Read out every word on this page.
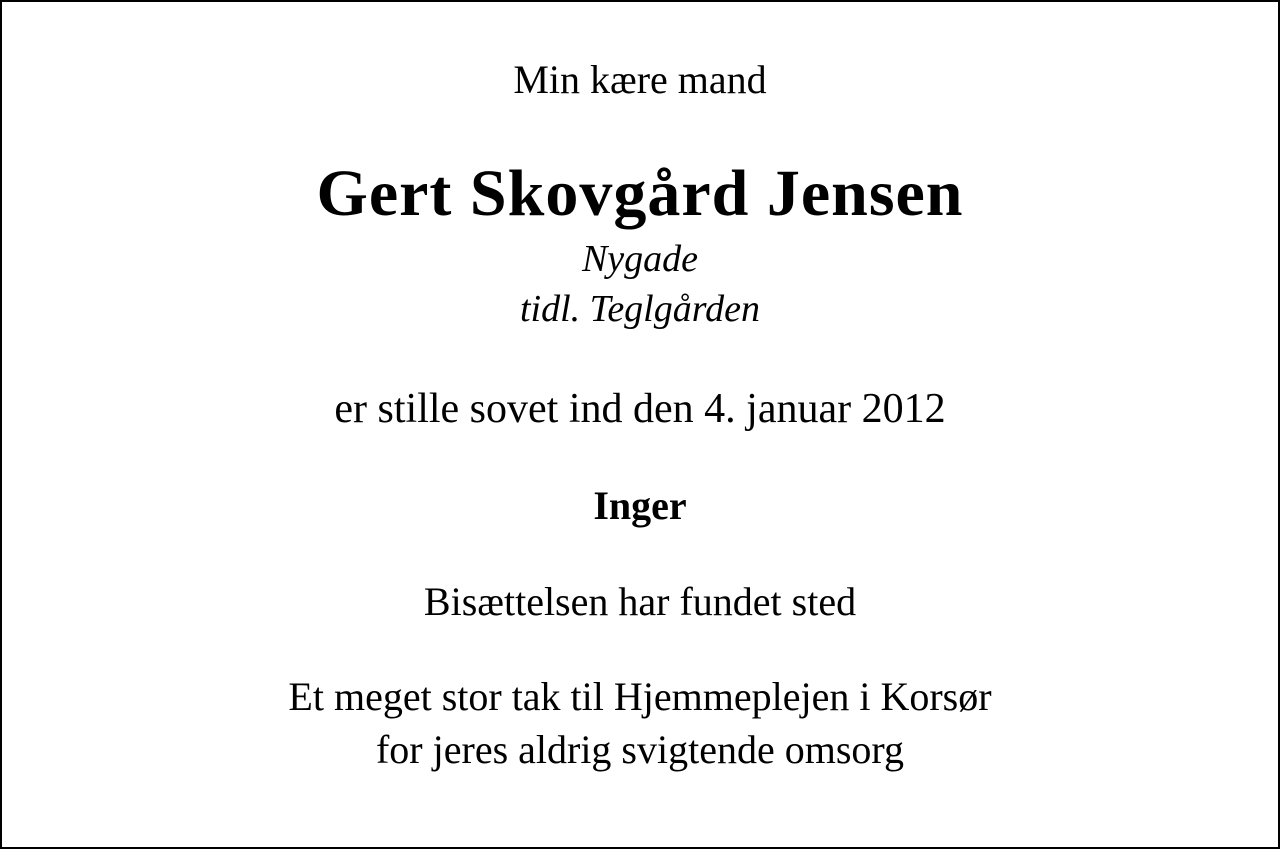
Min kære mand
Gert Skovgård Jensen
Nygade
tidl. Teglgården
er stille sovet ind den 4. januar 2012
Inger
Bisættelsen har fundet sted
Et meget stor tak til Hjemmeplejen i Korsør
for jeres aldrig svigtende omsorg
